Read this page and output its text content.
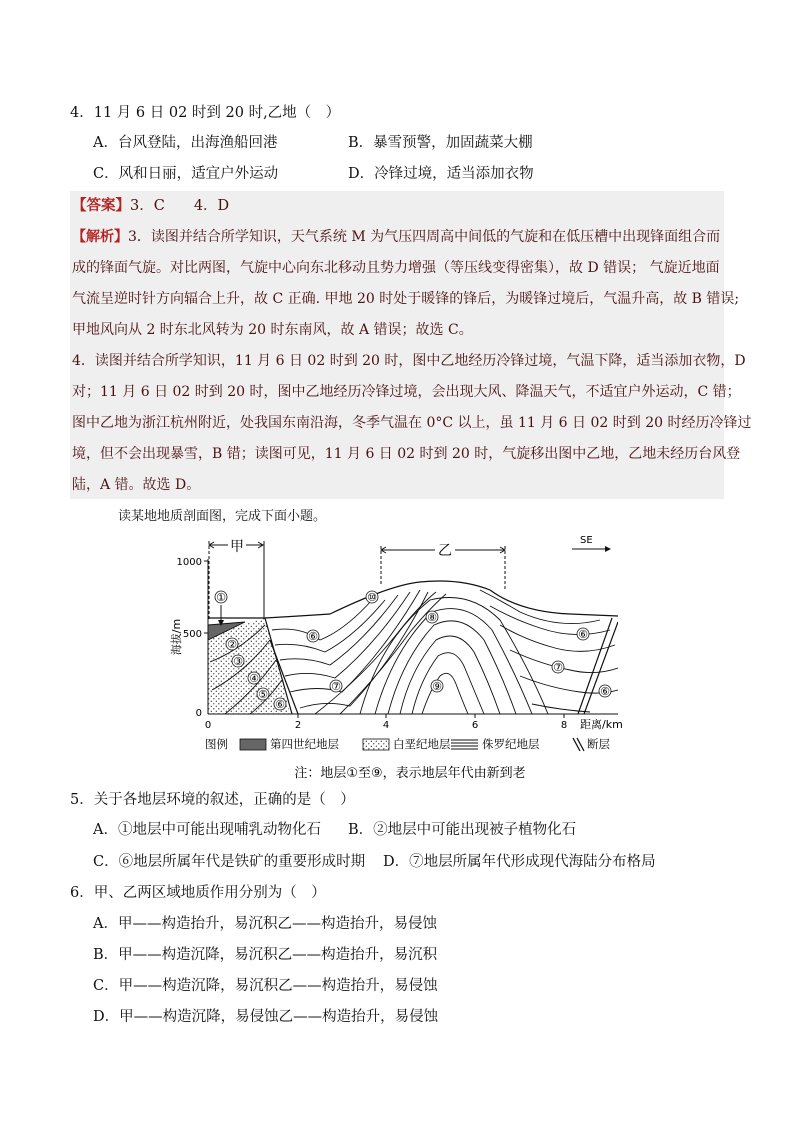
4．11 月 6 日 02 时到 20 时,乙地（　）
A．台风登陆，出海渔船回港	B．暴雪预警，加固蔬菜大棚
C．风和日丽，适宜户外运动	D．冷锋过境，适当添加衣物
【答案】3．C　　4．D
【解析】3．读图并结合所学知识，天气系统 M 为气压四周高中间低的气旋和在低压槽中出现锋面组合而
成的锋面气旋。对比两图，气旋中心向东北移动且势力增强（等压线变得密集），故 D 错误； 气旋近地面
气流呈逆时针方向辐合上升，故 C 正确. 甲地 20 时处于暖锋的锋后，为暖锋过境后，气温升高，故 B 错误;
甲地风向从 2 时东北风转为 20 时东南风，故 A 错误；故选 C。
4．读图并结合所学知识，11 月 6 日 02 时到 20 时，图中乙地经历冷锋过境，气温下降，适当添加衣物，D
对；11 月 6 日 02 时到 20 时，图中乙地经历冷锋过境，会出现大风、降温天气，不适宜户外运动，C 错；
图中乙地为浙江杭州附近，处我国东南沿海，冬季气温在 0°C 以上，虽 11 月 6 日 02 时到 20 时经历冷锋过
境，但不会出现暴雪，B 错；读图可见，11 月 6 日 02 时到 20 时，气旋移出图中乙地，乙地未经历台风登
陆，A 错。故选 D。
读某地地质剖面图，完成下面小题。
甲	乙
SE
1000
500
0
海拔/m
0	2	4	6	8 距离/km
①
②
③
④
⑤
⑥
⑥
⑦
⑧
⑨
⑩
⑥
⑦
⑥
图例	第四世纪地层	白垩纪地层	侏罗纪地层	断层
注：地层①至⑨，表示地层年代由新到老
5．关于各地层环境的叙述，正确的是（　）
A．①地层中可能出现哺乳动物化石 B．②地层中可能出现被子植物化石
C．⑥地层所属年代是铁矿的重要形成时期 D．⑦地层所属年代形成现代海陆分布格局
6．甲、乙两区域地质作用分别为（　）
A．甲——构造抬升，易沉积乙——构造抬升，易侵蚀
B．甲——构造沉降，易沉积乙——构造抬升，易沉积
C．甲——构造沉降，易沉积乙——构造抬升，易侵蚀
D．甲——构造沉降，易侵蚀乙——构造抬升，易侵蚀
